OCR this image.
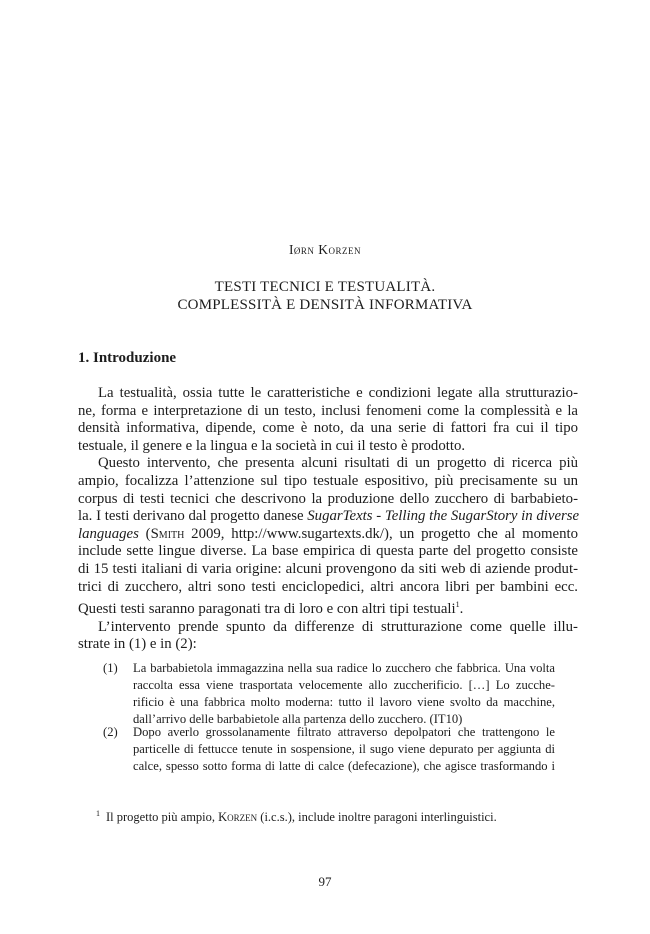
Iørn Korzen
TESTI TECNICI E TESTUALITÀ.
COMPLESSITÀ E DENSITÀ INFORMATIVA
1. Introduzione
La testualità, ossia tutte le caratteristiche e condizioni legate alla strutturazio-
ne, forma e interpretazione di un testo, inclusi fenomeni come la complessità e la
densità informativa, dipende, come è noto, da una serie di fattori fra cui il tipo
testuale, il genere e la lingua e la società in cui il testo è prodotto.
Questo intervento, che presenta alcuni risultati di un progetto di ricerca più
ampio, focalizza l’attenzione sul tipo testuale espositivo, più precisamente su un
corpus di testi tecnici che descrivono la produzione dello zucchero di barbabieto-
la. I testi derivano dal progetto danese SugarTexts - Telling the SugarStory in diverse
languages (Smith 2009, http://www.sugartexts.dk/), un progetto che al momento
include sette lingue diverse. La base empirica di questa parte del progetto consiste
di 15 testi italiani di varia origine: alcuni provengono da siti web di aziende produt-
trici di zucchero, altri sono testi enciclopedici, altri ancora libri per bambini ecc.
Questi testi saranno paragonati tra di loro e con altri tipi testuali$^1$.
L’intervento prende spunto da differenze di strutturazione come quelle illu-
strate in (1) e in (2):
(1) La barbabietola immagazzina nella sua radice lo zucchero che fabbrica. Una volta
raccolta essa viene trasportata velocemente allo zuccherificio. […] Lo zucche-
rificio è una fabbrica molto moderna: tutto il lavoro viene svolto da macchine,
dall’arrivo delle barbabietole alla partenza dello zucchero. (IT10)
(2) Dopo averlo grossolanamente filtrato attraverso depolpatori che trattengono le
particelle di fettucce tenute in sospensione, il sugo viene depurato per aggiunta di
calce, spesso sotto forma di latte di calce (defecazione), che agisce trasformando i
$^1$ Il progetto più ampio, Korzen (i.c.s.), include inoltre paragoni interlinguistici.
97
